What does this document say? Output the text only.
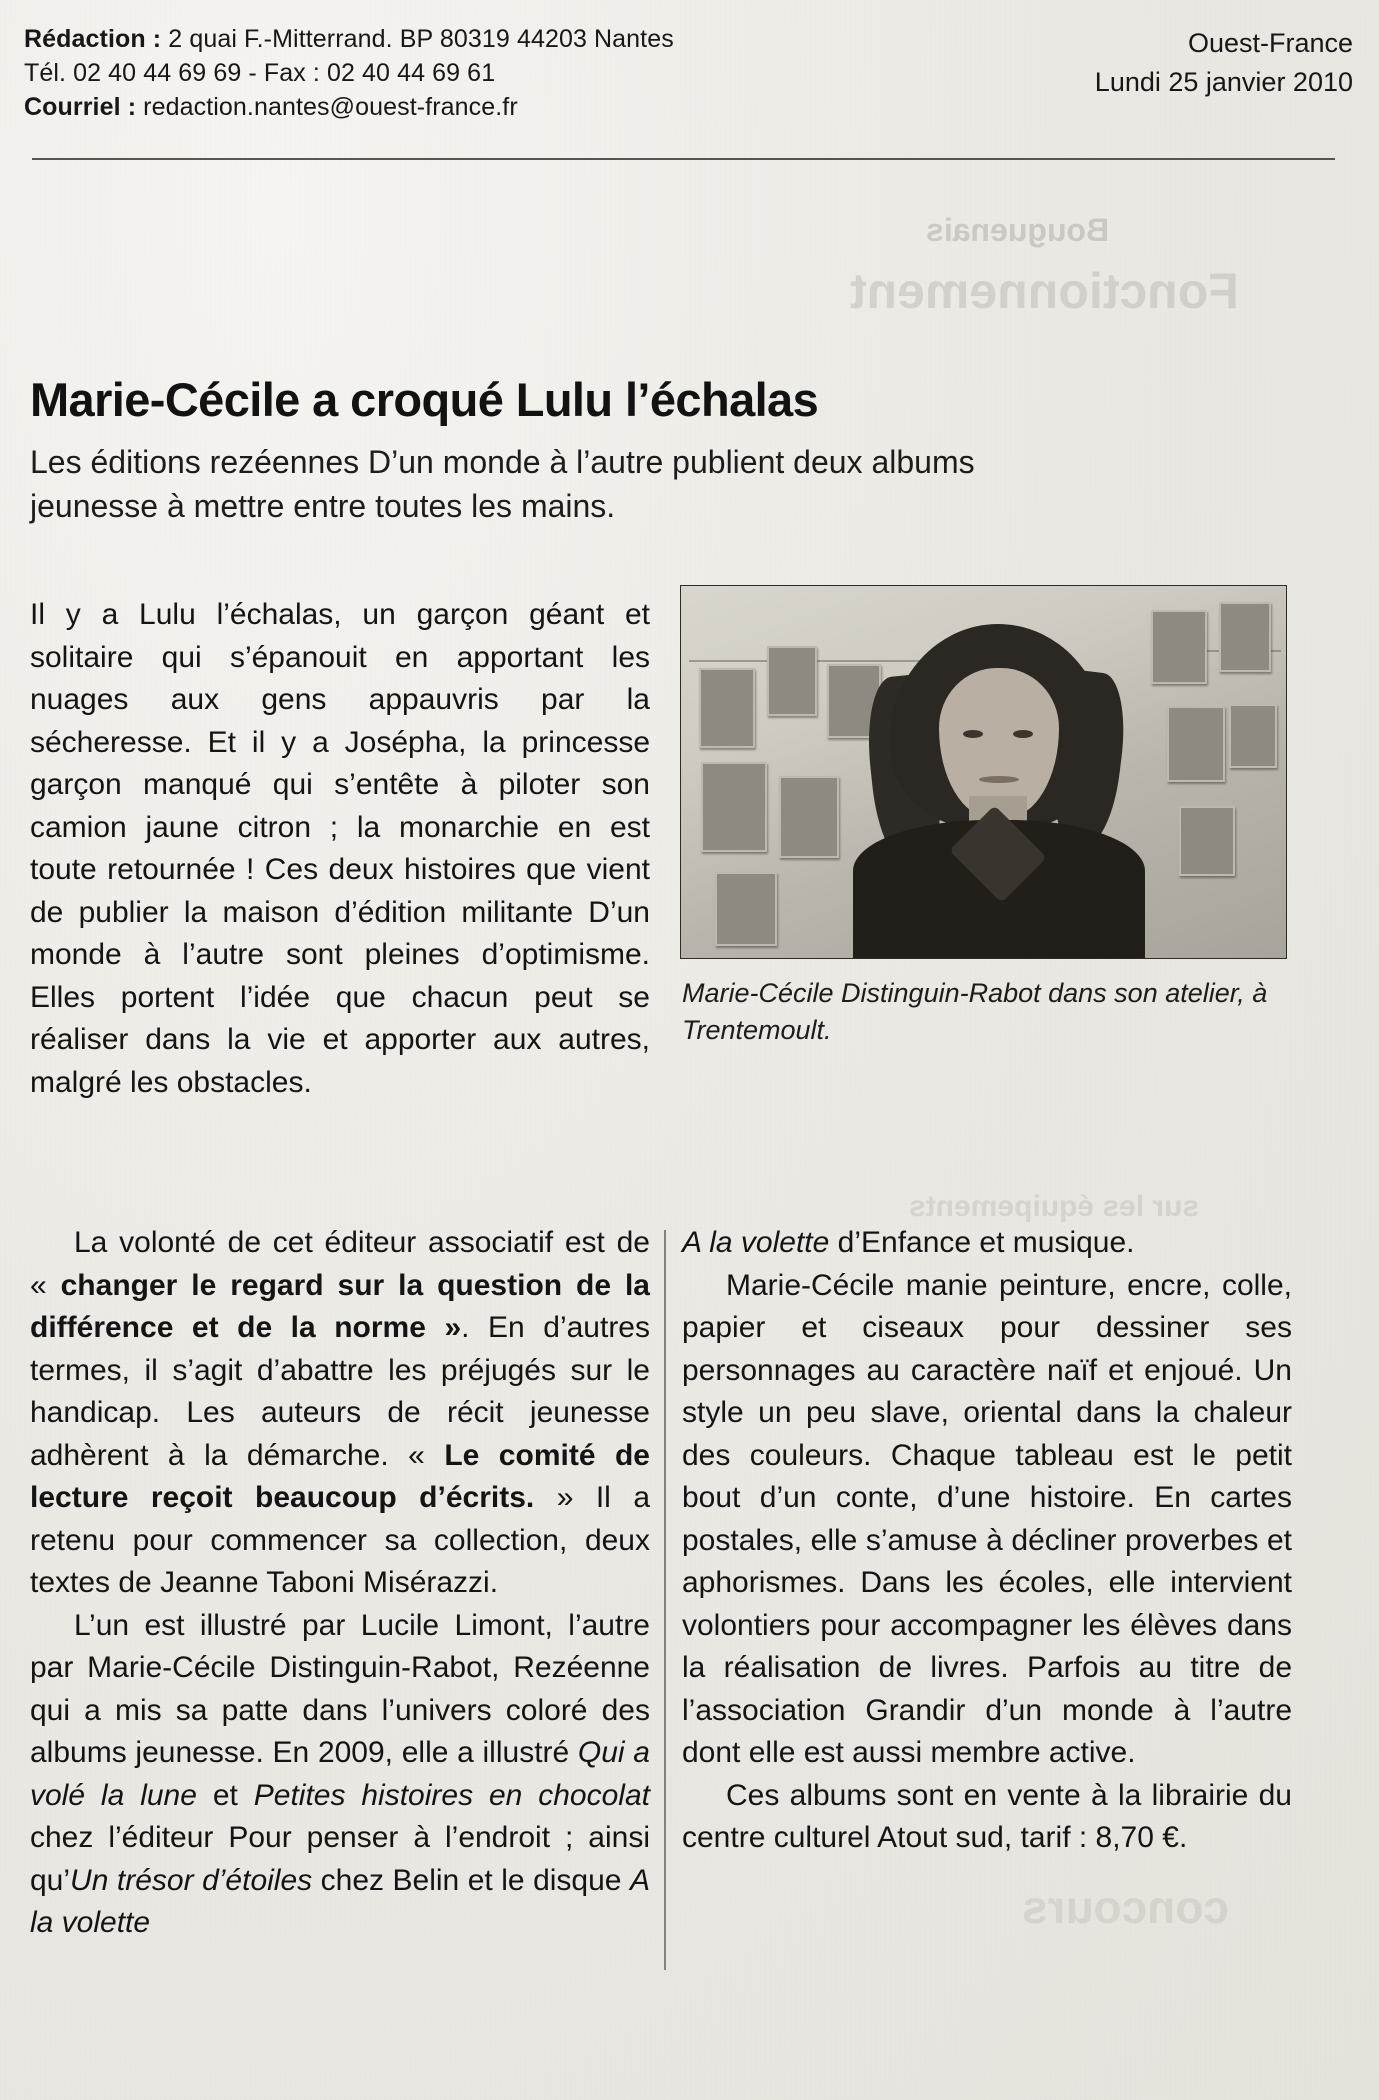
Bouguenais
Fonctionnement
sur les équipements
concours
Rédaction : 2 quai F.-Mitterrand. BP 80319 44203 Nantes
Tél. 02 40 44 69 69 - Fax : 02 40 44 69 61
Courriel : redaction.nantes@ouest-france.fr
Ouest-France
Lundi 25 janvier 2010
Marie-Cécile a croqué Lulu l’échalas
Les éditions rezéennes D’un monde à l’autre publient deux albums jeunesse à mettre entre toutes les mains.
Marie-Cécile Distinguin-Rabot dans son atelier, à Trentemoult.

Il y a Lulu l’échalas, un garçon géant et solitaire qui s’épanouit en apportant les nuages aux gens appauvris par la sécheresse. Et il y a Josépha, la princesse garçon manqué qui s’entête à piloter son camion jaune citron ; la monarchie en est toute retournée ! Ces deux histoires que vient de publier la maison d’édition militante D’un monde à l’autre sont pleines d’optimisme. Elles portent l’idée que chacun peut se réaliser dans la vie et apporter aux autres, malgré les obstacles.

La volonté de cet éditeur associatif est de « changer le regard sur la question de la différence et de la norme ». En d’autres termes, il s’agit d’abattre les préjugés sur le handicap. Les auteurs de récit jeunesse adhèrent à la démarche. « Le comité de lecture reçoit beaucoup d’écrits. » Il a retenu pour commencer sa collection, deux textes de Jeanne Taboni Misérazzi.

L’un est illustré par Lucile Limont, l’autre par Marie-Cécile Distinguin-Rabot, Rezéenne qui a mis sa patte dans l’univers coloré des albums jeunesse. En 2009, elle a illustré Qui a volé la lune et Petites histoires en chocolat chez l’éditeur Pour penser à l’endroit ; ainsi qu’Un trésor d’étoiles chez Belin et le disque A la volette

A la volette d’Enfance et musique.

Marie-Cécile manie peinture, encre, colle, papier et ciseaux pour dessiner ses personnages au caractère naïf et enjoué. Un style un peu slave, oriental dans la chaleur des couleurs. Chaque tableau est le petit bout d’un conte, d’une histoire. En cartes postales, elle s’amuse à décliner proverbes et aphorismes. Dans les écoles, elle intervient volontiers pour accompagner les élèves dans la réalisation de livres. Parfois au titre de l’association Grandir d’un monde à l’autre dont elle est aussi membre active.

Ces albums sont en vente à la librairie du centre culturel Atout sud, tarif : 8,70 €.
